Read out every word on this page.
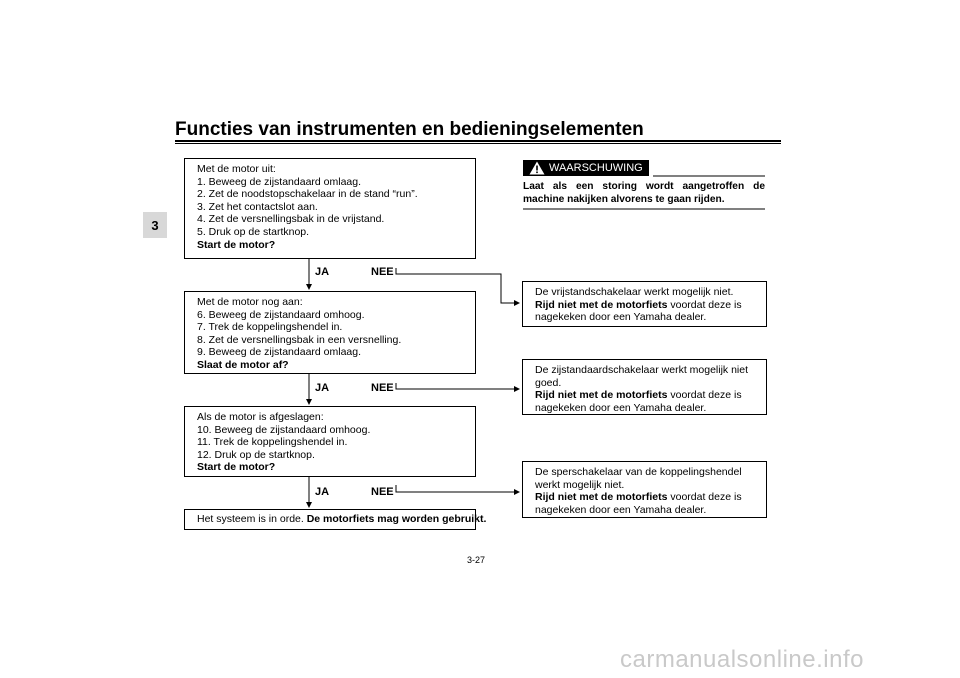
Functies van instrumenten en bedieningselementen
3
Met de motor uit:
1. Beweeg de zijstandaard omlaag.
2. Zet de noodstopschakelaar in de stand “run”.
3. Zet het contactslot aan.
4. Zet de versnellingsbak in de vrijstand.
5. Druk op de startknop.
Start de motor?
JA	NEE
Met de motor nog aan:
6. Beweeg de zijstandaard omhoog.
7. Trek de koppelingshendel in.
8. Zet de versnellingsbak in een versnelling.
9. Beweeg de zijstandaard omlaag.
Slaat de motor af?
JA	NEE
Als de motor is afgeslagen:
10. Beweeg de zijstandaard omhoog.
11. Trek de koppelingshendel in.
12. Druk op de startknop.
Start de motor?
JA	NEE
Het systeem is in orde. De motorfiets mag worden gebruikt.
WAARSCHUWING
Laat als een storing wordt aangetroffen de machine nakijken alvorens te gaan rijden.
De vrijstandschakelaar werkt mogelijk niet.
Rijd niet met de motorfiets voordat deze is
nagekeken door een Yamaha dealer.
De zijstandaardschakelaar werkt mogelijk niet
goed.
Rijd niet met de motorfiets voordat deze is
nagekeken door een Yamaha dealer.
De sperschakelaar van de koppelingshendel
werkt mogelijk niet.
Rijd niet met de motorfiets voordat deze is
nagekeken door een Yamaha dealer.
3-27
carmanualsonline.info
